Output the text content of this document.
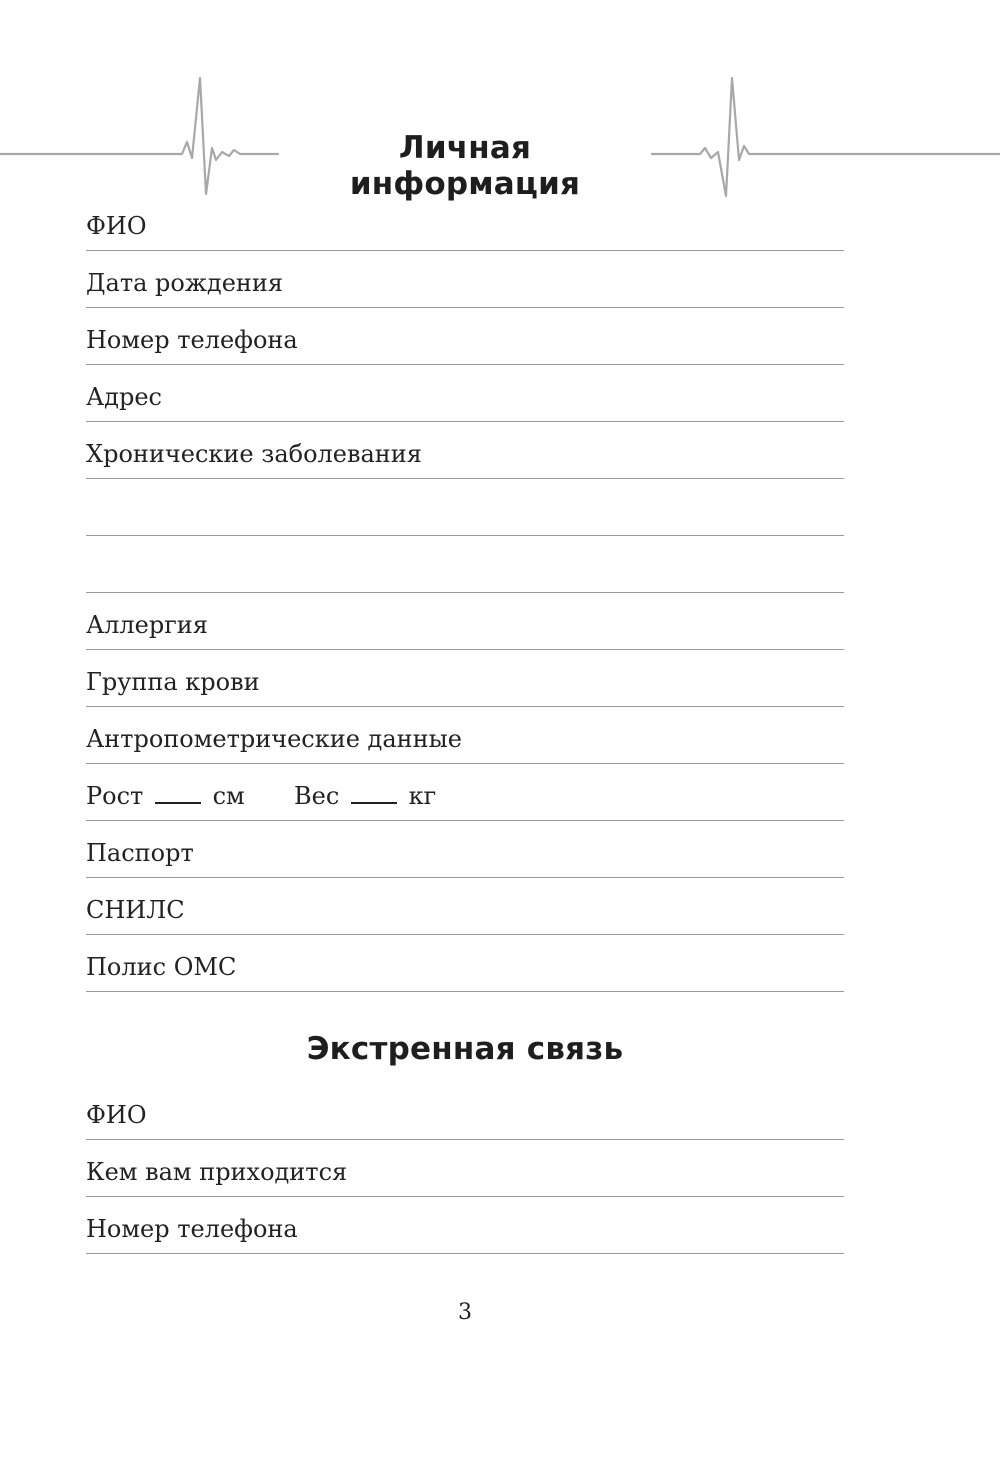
Личная информация
ФИО
Дата рождения
Номер телефона
Адрес
Хронические заболевания
Аллергия
Группа крови
Антропометрические данные
Рост	см Вес	кг
Паспорт
СНИЛС
Полис ОМС
Экстренная связь
ФИО
Кем вам приходится
Номер телефона
3
